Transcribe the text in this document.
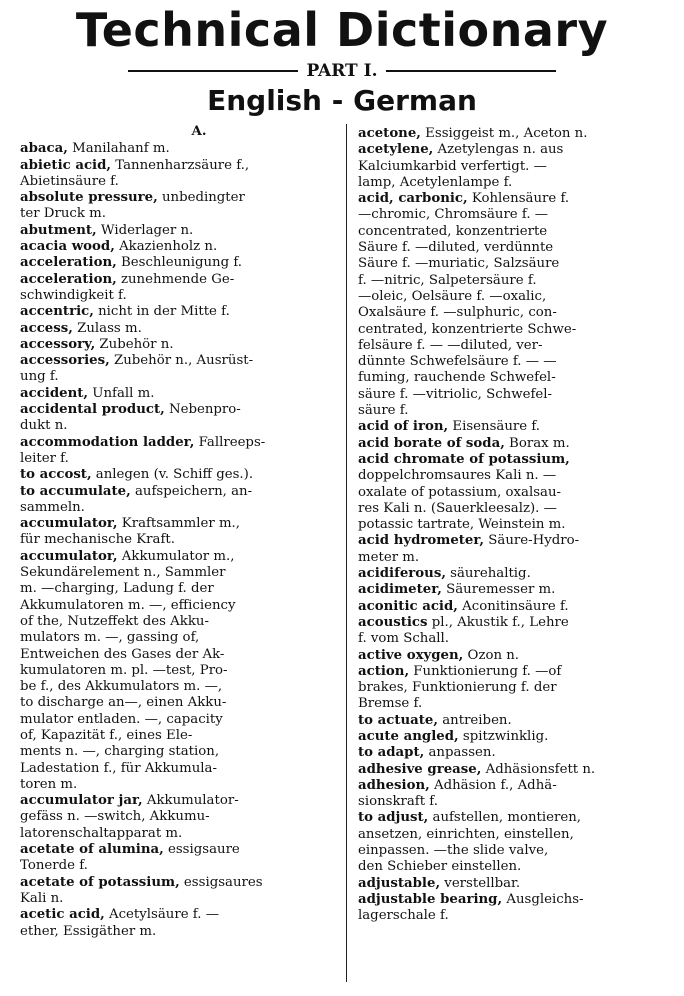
Technical Dictionary
PART I.
English - German
A.

abaca, Manilahanf m.

abietic acid, Tannenharzsäure f.,
Abietinsäure f.

absolute pressure, unbedingter
ter Druck m.

abutment, Widerlager n.

acacia wood, Akazienholz n.

acceleration, Beschleunigung f.

acceleration, zunehmende Ge-
schwindigkeit f.

accentric, nicht in der Mitte f.

access, Zulass m.

accessory, Zubehör n.

accessories, Zubehör n., Ausrüst-
ung f.

accident, Unfall m.

accidental product, Nebenpro-
dukt n.

accommodation ladder, Fallreeps-
leiter f.

to accost, anlegen (v. Schiff ges.).

to accumulate, aufspeichern, an-
sammeln.

accumulator, Kraftsammler m.,
für mechanische Kraft.

accumulator, Akkumulator m.,
Sekundärelement n., Sammler
m. —charging, Ladung f. der
Akkumulatoren m. —, efficiency
of the, Nutzeffekt des Akku-
mulators m. —, gassing of,
Entweichen des Gases der Ak-
kumulatoren m. pl. —test, Pro-
be f., des Akkumulators m. —,
to discharge an—, einen Akku-
mulator entladen. —, capacity
of, Kapazität f., eines Ele-
ments n. —, charging station,
Ladestation f., für Akkumula-
toren m.

accumulator jar, Akkumulator-
gefäss n. —switch, Akkumu-
latorenschaltapparat m.

acetate of alumina, essigsaure
Tonerde f.

acetate of potassium, essigsaures
Kali n.

acetic acid, Acetylsäure f. —
ether, Essigäther m.

acetone, Essiggeist m., Aceton n.

acetylene, Azetylengas n. aus
Kalciumkarbid verfertigt. —
lamp, Acetylenlampe f.

acid, carbonic, Kohlensäure f.
—chromic, Chromsäure f. —
concentrated, konzentrierte
Säure f. —diluted, verdünnte
Säure f. —muriatic, Salzsäure
f. —nitric, Salpetersäure f.
—oleic, Oelsäure f. —oxalic,
Oxalsäure f. —sulphuric, con-
centrated, konzentrierte Schwe-
felsäure f. — —diluted, ver-
dünnte Schwefelsäure f. — —
fuming, rauchende Schwefel-
säure f. —vitriolic, Schwefel-
säure f.

acid of iron, Eisensäure f.

acid borate of soda, Borax m.

acid chromate of potassium,
doppelchromsaures Kali n. —
oxalate of potassium, oxalsau-
res Kali n. (Sauerkleesalz). —
potassic tartrate, Weinstein m.

acid hydrometer, Säure-Hydro-
meter m.

acidiferous, säurehaltig.

acidimeter, Säuremesser m.

aconitic acid, Aconitinsäure f.

acoustics pl., Akustik f., Lehre
f. vom Schall.

active oxygen, Ozon n.

action, Funktionierung f. —of
brakes, Funktionierung f. der
Bremse f.

to actuate, antreiben.

acute angled, spitzwinklig.

to adapt, anpassen.

adhesive grease, Adhäsionsfett n.

adhesion, Adhäsion f., Adhä-
sionskraft f.

to adjust, aufstellen, montieren,
ansetzen, einrichten, einstellen,
einpassen. —the slide valve,
den Schieber einstellen.

adjustable, verstellbar.

adjustable bearing, Ausgleichs-
lagerschale f.
